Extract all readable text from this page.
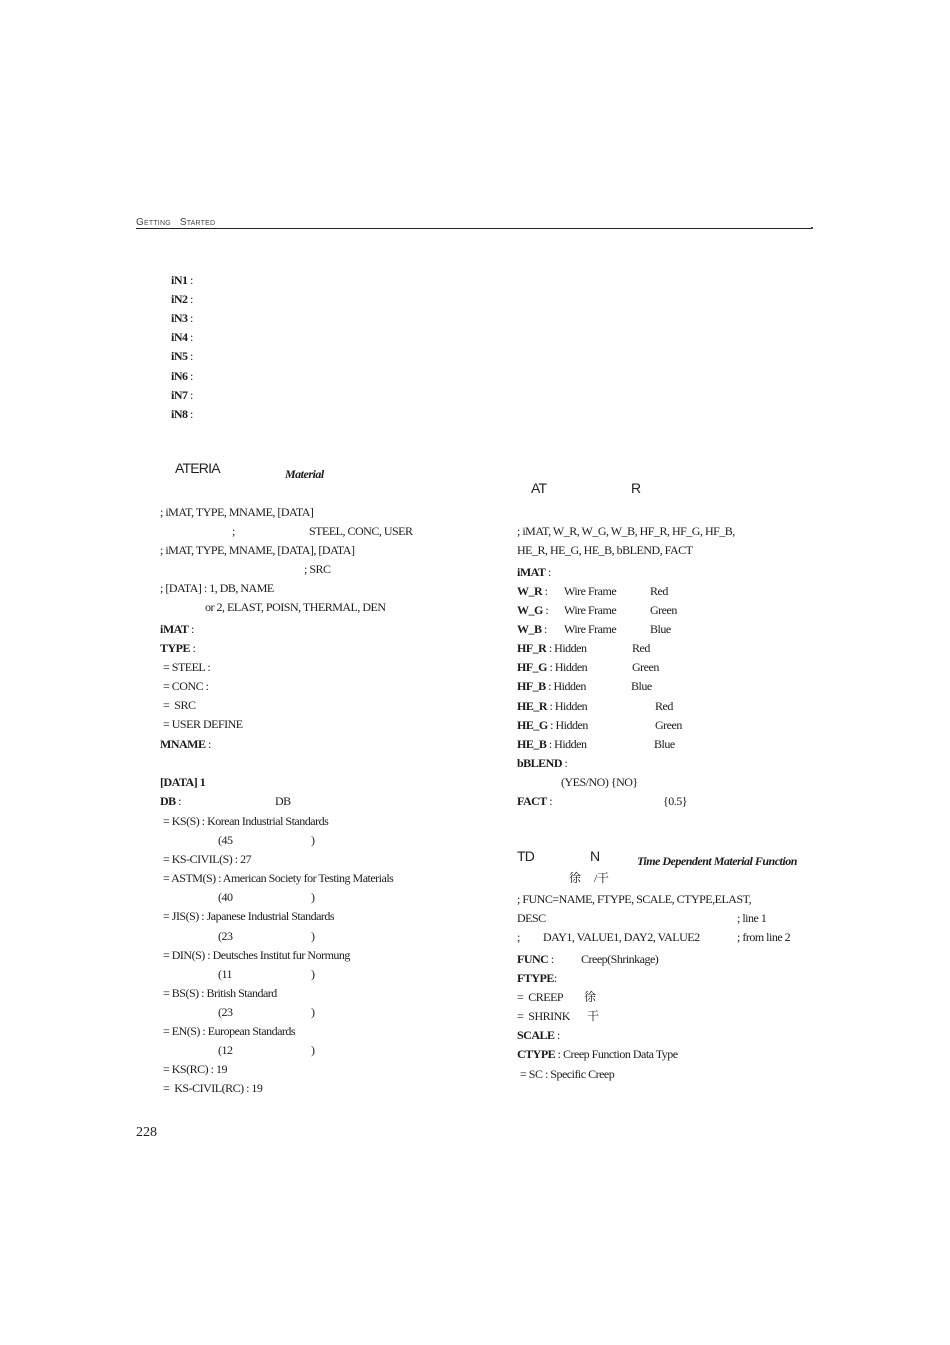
Getting Started
iN1 :
iN2 :
iN3 :
iN4 :
iN5 :
iN6 :
iN7 :
iN8 :
ATERIA	Material
; iMAT, TYPE, MNAME, [DATA]
;	STEEL, CONC, USER
; iMAT, TYPE, MNAME, [DATA], [DATA]
; SRC
; [DATA] : 1, DB, NAME
or 2, ELAST, POISN, THERMAL, DEN
iMAT :
TYPE :
= STEEL :
= CONC :
=  SRC
= USER DEFINE
MNAME :
[DATA] 1
DB :	DB
= KS(S) : Korean Industrial Standards
(45	)
= KS-CIVIL(S) : 27
= ASTM(S) : American Society for Testing Materials
(40	)
= JIS(S) : Japanese Industrial Standards
(23	)
= DIN(S) : Deutsches Institut fur Normung
(11	)
= BS(S) : British Standard
(23	)
= EN(S) : European Standards
(12	)
= KS(RC) : 19
=  KS-CIVIL(RC) : 19
228
AT	R
; iMAT, W_R, W_G, W_B, HF_R, HF_G, HF_B,
HE_R, HE_G, HE_B, bBLEND, FACT
iMAT :
W_R : Wire Frame	Red
W_G : Wire Frame	Green
W_B : Wire Frame	Blue
HF_R : Hidden	Red
HF_G : Hidden	Green
HF_B : Hidden	Blue
HE_R : Hidden	Red
HE_G : Hidden	Green
HE_B : Hidden	Blue
bBLEND :
(YES/NO) {NO}
FACT :	{0.5}
TD	N	Time Dependent Material Function
徐 /干
; FUNC=NAME, FTYPE, SCALE, CTYPE,ELAST,
DESC	; line 1
; DAY1, VALUE1, DAY2, VALUE2	; from line 2
FUNC : Creep(Shrinkage)
FTYPE:
=  CREEP 徐
=  SHRINK 干
SCALE :
CTYPE : Creep Function Data Type
= SC : Specific Creep
